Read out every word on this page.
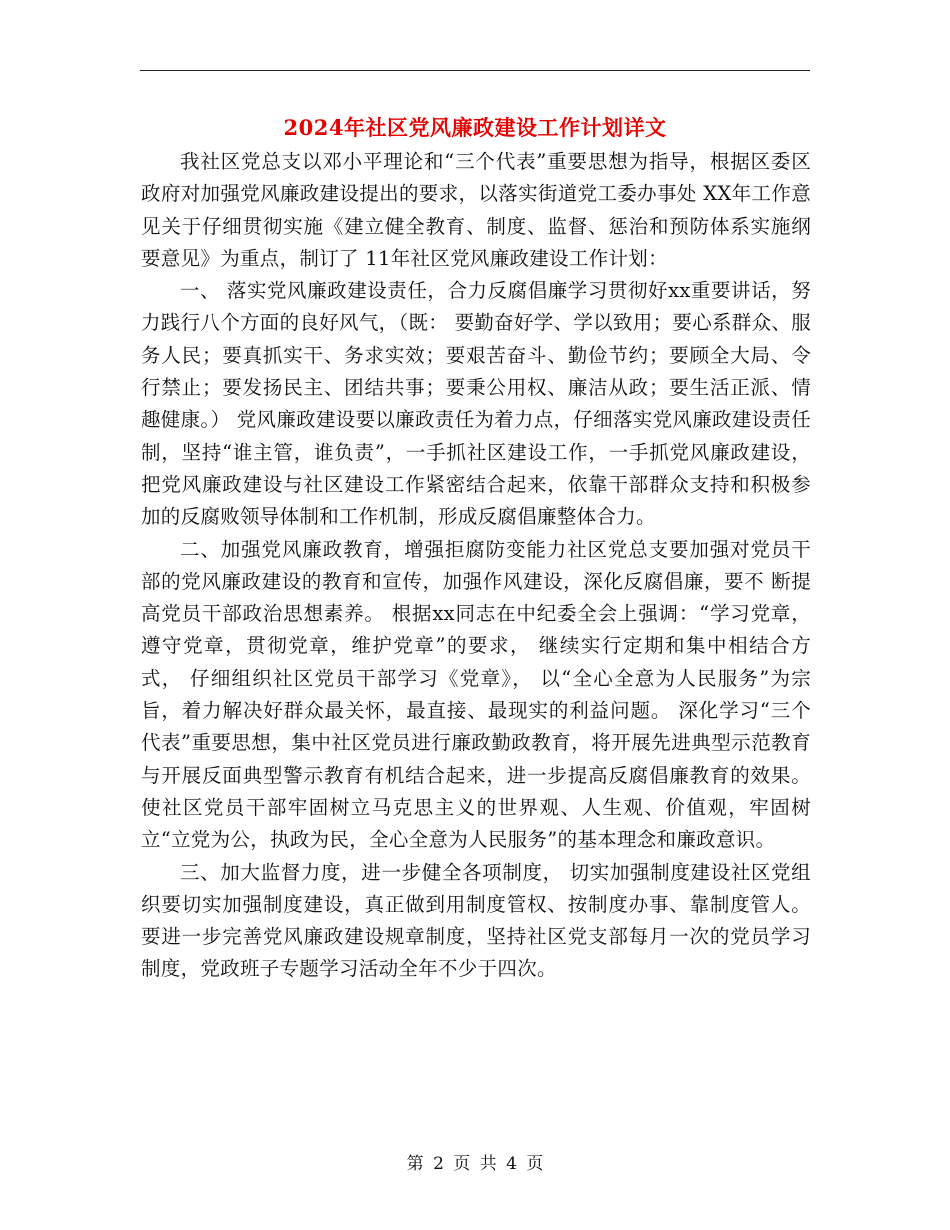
2024年社区党风廉政建设工作计划详文

我社区党总支以邓小平理论和“三个代表”重要思想为指导，根据区委区政府对加强党风廉政建设提出的要求，以落实街道党工委办事处 XX年工作意见关于仔细贯彻实施《建立健全教育、制度、监督、惩治和预防体系实施纲要意见》为重点，制订了 11年社区党风廉政建设工作计划：

一、 落实党风廉政建设责任，合力反腐倡廉学习贯彻好xx重要讲话，努力践行八个方面的良好风气，（既： 要勤奋好学、学以致用；要心系群众、服务人民；要真抓实干、务求实效；要艰苦奋斗、勤俭节约；要顾全大局、令行禁止；要发扬民主、团结共事；要秉公用权、廉洁从政；要生活正派、情趣健康。） 党风廉政建设要以廉政责任为着力点，仔细落实党风廉政建设责任制，坚持“谁主管，谁负责”，一手抓社区建设工作，一手抓党风廉政建设，把党风廉政建设与社区建设工作紧密结合起来，依靠干部群众支持和积极参加的反腐败领导体制和工作机制，形成反腐倡廉整体合力。

二、加强党风廉政教育，增强拒腐防变能力社区党总支要加强对党员干部的党风廉政建设的教育和宣传，加强作风建设，深化反腐倡廉，要不 断提高党员干部政治思想素养。 根据xx同志在中纪委全会上强调：“学习党章，遵守党章，贯彻党章，维护党章”的要求， 继续实行定期和集中相结合方式， 仔细组织社区党员干部学习《党章》， 以“全心全意为人民服务”为宗旨，着力解决好群众最关怀，最直接、最现实的利益问题。 深化学习“三个代表”重要思想，集中社区党员进行廉政勤政教育，将开展先进典型示范教育与开展反面典型警示教育有机结合起来，进一步提高反腐倡廉教育的效果。使社区党员干部牢固树立马克思主义的世界观、人生观、价值观，牢固树立“立党为公，执政为民，全心全意为人民服务”的基本理念和廉政意识。

三、加大监督力度，进一步健全各项制度， 切实加强制度建设社区党组织要切实加强制度建设，真正做到用制度管权、按制度办事、靠制度管人。要进一步完善党风廉政建设规章制度，坚持社区党支部每月一次的党员学习制度，党政班子专题学习活动全年不少于四次。

第 2 页 共 4 页
